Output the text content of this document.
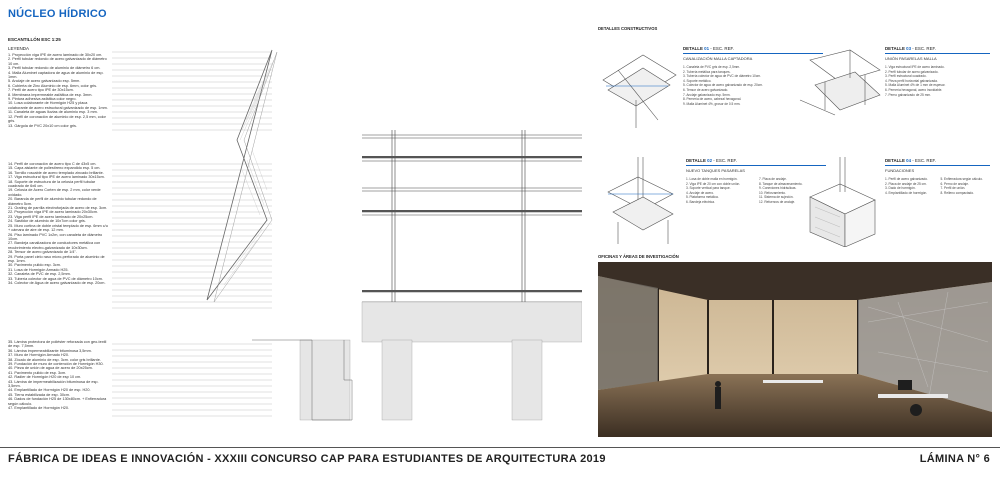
NÚCLEO HÍDRICO
ESCANTILLÓN ESC 1:25
LEYENDA
1. Proyección viga IPE de acero laminado de 30x20 cm.
2. Perfil tubular redondo de acero galvanizado de diámetro 10 cm.
3. Perfil tubular redondo de aluminio de diámetro 6 cm.
4. Malla Aluminet captadora de agua de aluminio de esp. 1mm.
5. Anclaje de acero galvanizado esp. 5mm.
6. Cubierta de Zinc Aluminio de esp. 6mm, color gris.
7. Perfil de acero tipo IPE de 30x15cm.
8. Membrana impermeable asfáltica de esp. 3mm.
9. Pintura adhesiva asfáltica color negro.
10. Losa colaborante de Hormigón H25 y placa colaborante de acero estructural galvanizado de esp. 1mm.
11. Canaleta de aguas lluvias de aluminio esp. 3 mm.
12. Perfil de coronación de aluminio de esp. 2,5 mm, color gris.
13. Gárgola de PVC 20x10 cm color gris.
14. Perfil de coronación de acero tipo C de 43x5 cm.
15. Capa aislante de poliestireno expandido esp. 5 cm.
16. Tornillo roscable de acero templado zincado brillante.
17. Viga estructural tipo IPE de acero laminado 30x15cm.
18. Soporte de estructura de la celosía perfil tubular cuadrado de 6x6 cm.
19. Celosía de Acero Corten de esp. 2 mm, color verde oxidado.
20. Baranda de perfil de aluminio tubular redondo de diámetro 5cm.
21. Grating de parrilla electroforjada de acero de esp. 3cm.
22. Proyección viga IPE de acero laminado 20x30cm.
23. Viga perfil IPE de acero laminado de 20x25cm.
24. Sastidor de aluminio de 10x7cm color gris.
25. Muro cortina de doble cristal templado de esp. 6mm c/u + cámara de aire de esp. 12 mm.
26. Piso laminado PVC 1x2m, con canaleta de diámetro 10cm.
27. Bandeja canalizadora de conductores metálica con recubrimiento electro-galvanizado de 10x30cm.
28. Tensor de acero galvanizado de 1/4".
29. Porta panel cielo raso micro-perforado de aluminio de esp. 1mm.
30. Pavimento pulido esp. 3cm.
31. Losa de Hormigón Armado H25.
32. Canaleta de PVC de esp. 2,5mm.
33. Tubería colector de agua de PVC de diámetro 10cm.
34. Colector de Agua de acero galvanizado de esp. 20cm.
35. Lámina protectora de poliéster reforzada con geo-textil de esp. 7,5mm.
36. Lámina impermeabilizante bituminosa 3,5mm.
37. Muro de Hormigón Armado H20.
38. Zócalo de aluminio de esp. 3cm. color gris brillante.
39. Fundación de muro de contención de Hormigón H30.
40. Pieza de unión de agua de acero de 20x25cm.
41. Pavimento pulido de esp. 3cm.
42. Radier de Hormigón H20 de esp 10 cm.
43. Lámina de impermeabilización bituminosa de esp. 3,5mm.
44. Emplantillado de Hormigón H20 de esp. H20.
45. Tierra estabilizada de esp. 30cm.
46. Dados de fundación H25 de 130x80cm. + Enfierradura según cálculo.
47. Emplantillado de Hormigón H20.
DETALLES CONSTRUCTIVOS
DETALLE 01 - ESC. REF.
CANALIZACIÓN MALLA CAPTADORA
1. Canaleta de PVC gris de esp. 2,5mm.
2. Tubería metálica para tanques.
3. Tubería colector de agua de PVC de diámetro 10cm.
4. Soporte metálico.
5. Colector de agua de acero galvanizado de esp. 20cm.
6. Tensor de acero galvanizado.
7. Anclaje galvanizado esp. 5mm.
8. Pernería de acero, cabezal hexagonal.
9. Malla Aluminet 4%, grosor de 0.5 mm.
DETALLE 03 - ESC. REF.
UNIÓN PASARELAS MALLA
1. Viga estructural IPE de acero laminado.
2. Perfil tubular de acero galvanizado.
3. Perfil estructural cuadrado.
4. Pieza perfil horizontal galvanizada.
5. Malla Aluminet 4% de 1 mm de espesor.
6. Pernería hexagonal, acero inoxidable.
7. Perno galvanizado de 25 mm.
DETALLE 02 - ESC. REF.
NUEVO TANQUES PASARELAS
1. Losa de doble malla en hormigón.
2. Viga IPE de 20 cm con doble unión.
3. Soporte vertical para tanque.
4. Anclaje de acero.
5. Plataforma metálica.
6. Bandeja eléctrica.
7. Placa de anclaje.
8. Tanque de almacenamiento.
9. Conexiones hidráulicas.
10. Reforzamiento.
11. Sistema de sujeción.
12. Refuerzos de anclaje.
DETALLE 04 - ESC. REF.
FUNDACIONES
1. Perfil de acero galvanizado.
2. Placa de anclaje de 25 cm.
3. Dado de hormigón.
4. Emplantillado de hormigón.
5. Enfierradura según cálculo.
6. Perno de anclaje.
7. Perfil de unión.
8. Relleno compactado.
OFICINAS Y ÁREAS DE INVESTIGACIÓN
FÁBRICA DE IDEAS E INNOVACIÓN - XXXIII CONCURSO CAP PARA ESTUDIANTES DE ARQUITECTURA 2019	LÁMINA N° 6
